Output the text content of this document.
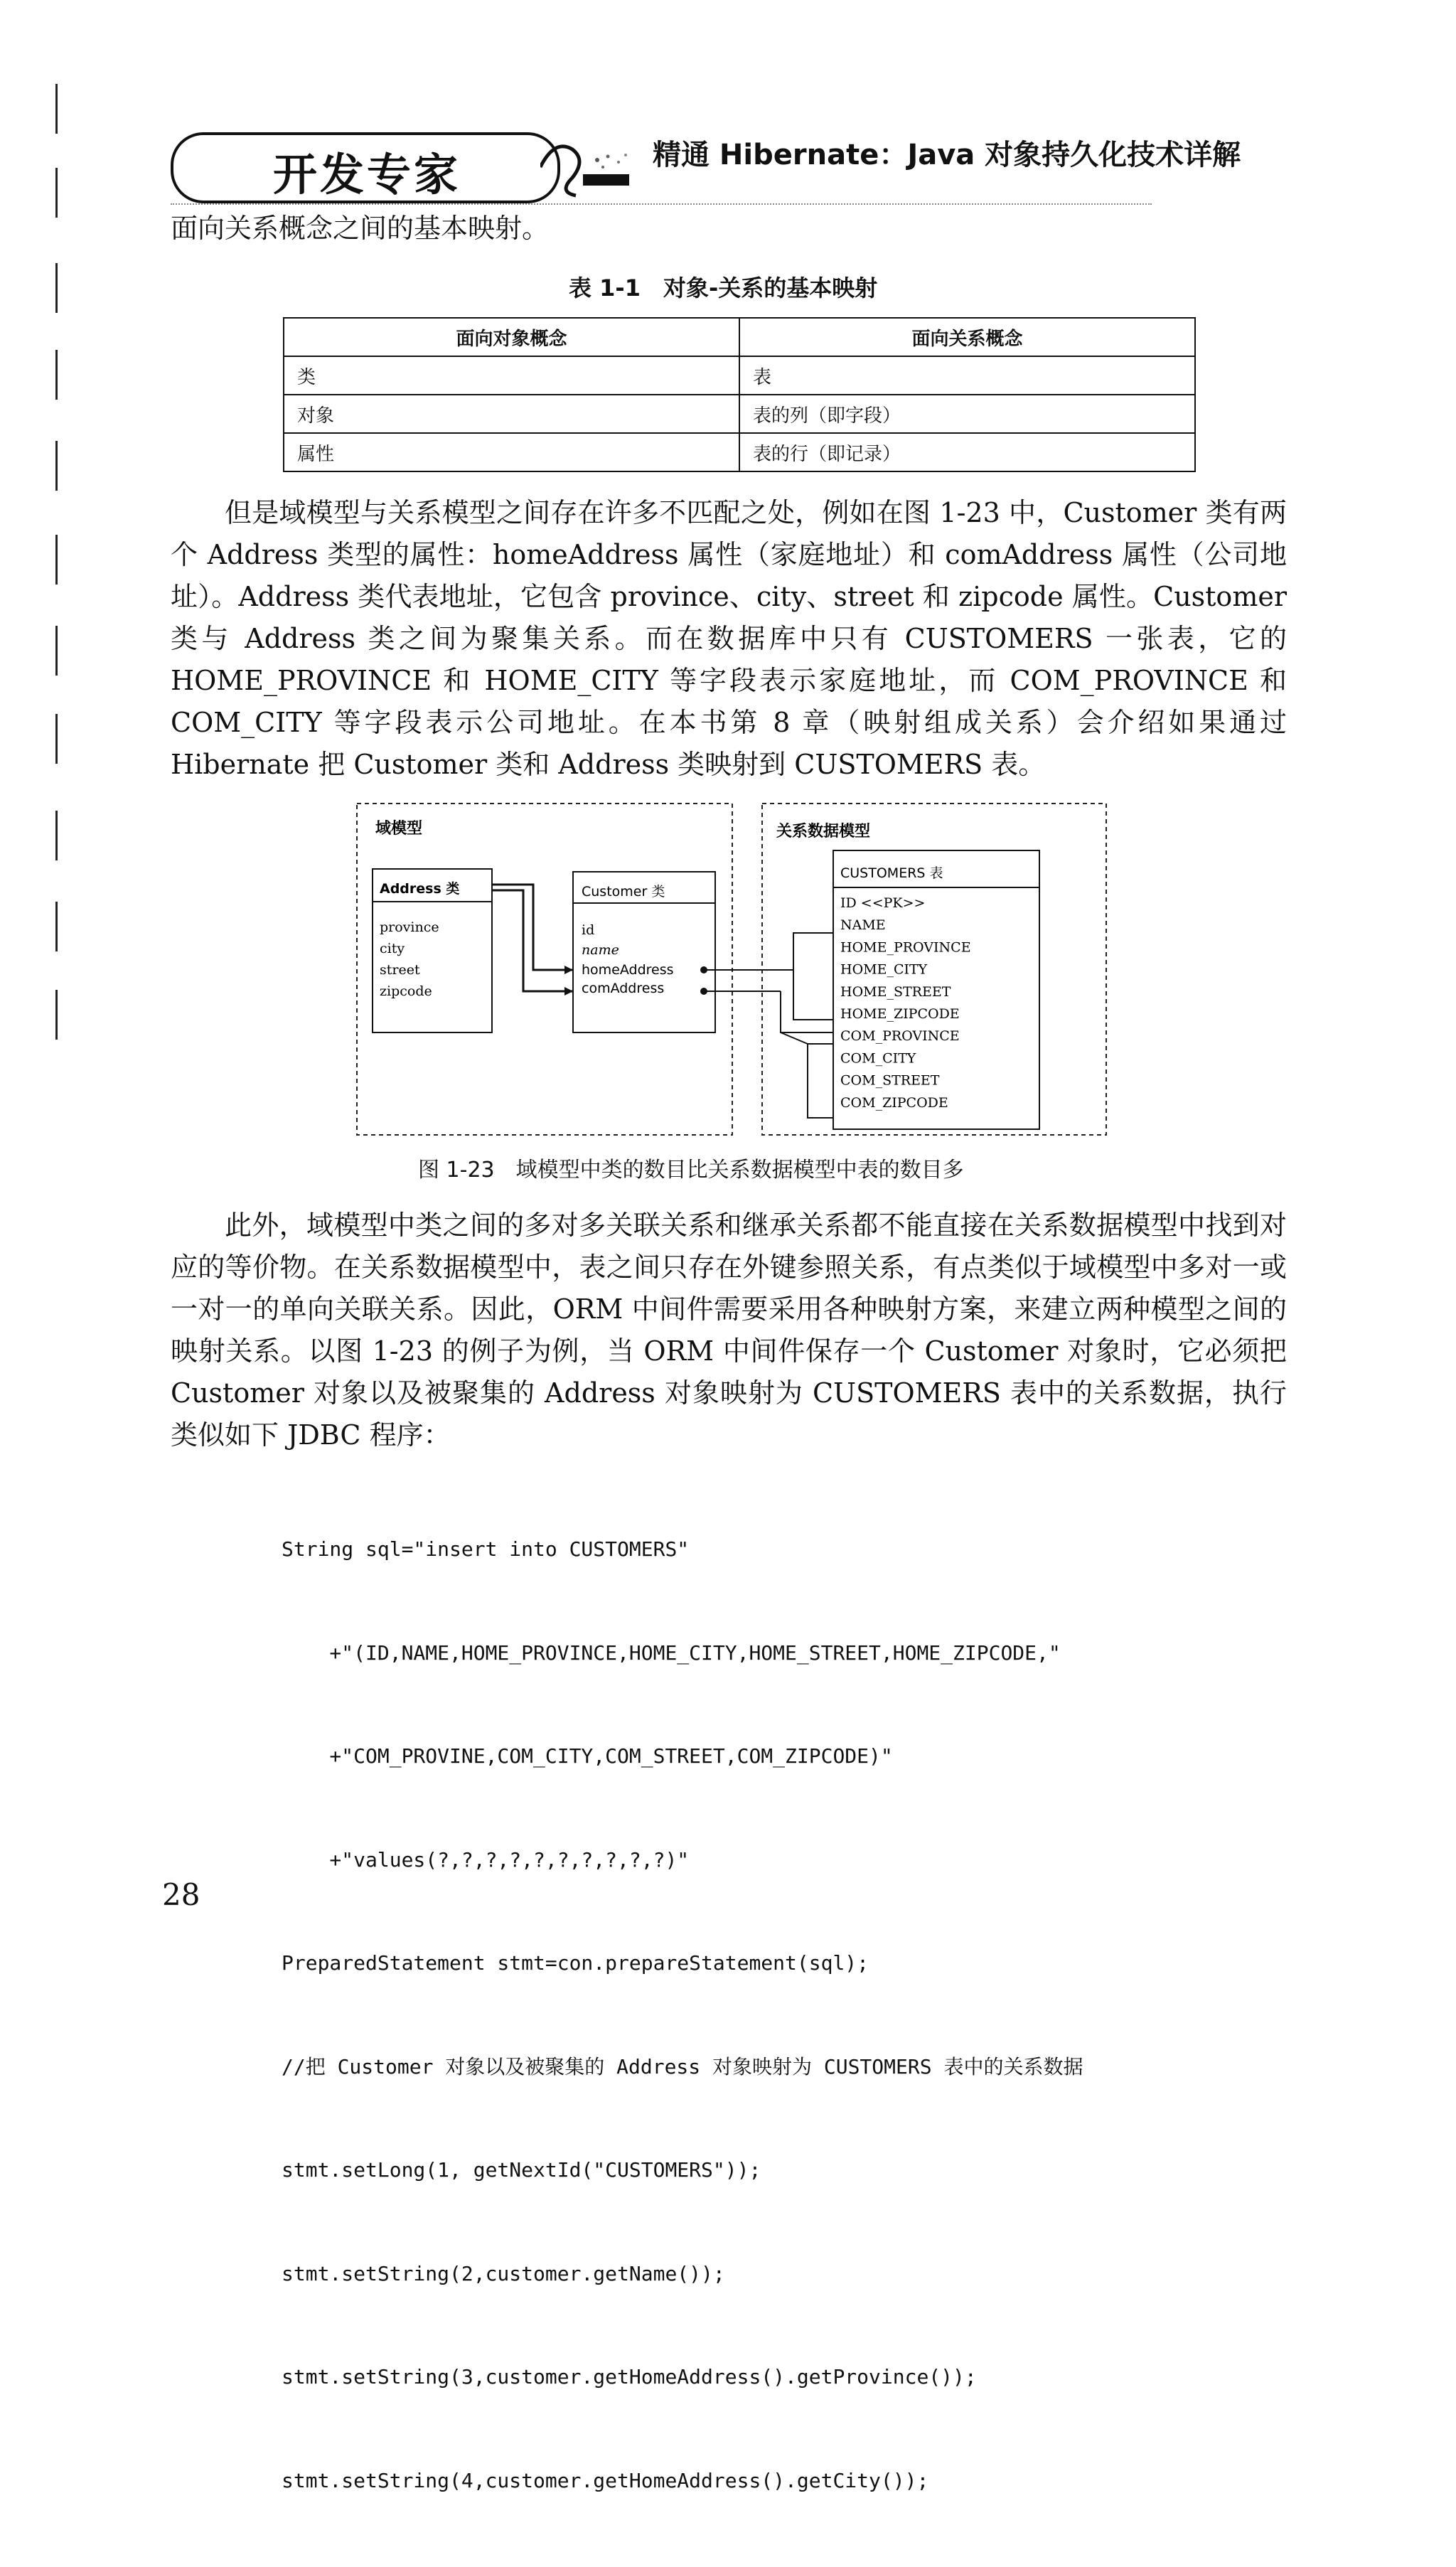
开发专家	精通 Hibernate：Java 对象持久化技术详解
面向关系概念之间的基本映射。
表 1-1　对象-关系的基本映射
面向对象概念	面向关系概念
类	表
对象	表的列（即字段）
属性	表的行（即记录）

但是域模型与关系模型之间存在许多不匹配之处，例如在图 1-23 中，Customer 类有两个 Address 类型的属性：homeAddress 属性（家庭地址）和 comAddress 属性（公司地址）。Address 类代表地址，它包含 province、city、street 和 zipcode 属性。Customer 类与 Address 类之间为聚集关系。而在数据库中只有 CUSTOMERS 一张表，它的 HOME_PROVINCE 和 HOME_CITY 等字段表示家庭地址，而 COM_PROVINCE 和 COM_CITY 等字段表示公司地址。在本书第 8 章（映射组成关系）会介绍如果通过 Hibernate 把 Customer 类和 Address 类映射到 CUSTOMERS 表。

域模型	关系数据模型
Address 类
province
city
street
zipcode
Customer 类
id
name
homeAddress
comAddress
CUSTOMERS 表
ID <<PK>>
NAME
HOME_PROVINCE
HOME_CITY
HOME_STREET
HOME_ZIPCODE
COM_PROVINCE
COM_CITY
COM_STREET
COM_ZIPCODE
图 1-23　域模型中类的数目比关系数据模型中表的数目多

此外，域模型中类之间的多对多关联关系和继承关系都不能直接在关系数据模型中找到对应的等价物。在关系数据模型中，表之间只存在外键参照关系，有点类似于域模型中多对一或一对一的单向关联关系。因此，ORM 中间件需要采用各种映射方案，来建立两种模型之间的映射关系。以图 1-23 的例子为例，当 ORM 中间件保存一个 Customer 对象时，它必须把 Customer 对象以及被聚集的 Address 对象映射为 CUSTOMERS 表中的关系数据，执行类似如下 JDBC 程序：

String sql="insert into CUSTOMERS"

+"(ID,NAME,HOME_PROVINCE,HOME_CITY,HOME_STREET,HOME_ZIPCODE,"

+"COM_PROVINE,COM_CITY,COM_STREET,COM_ZIPCODE)"

+"values(?,?,?,?,?,?,?,?,?,?)"

PreparedStatement stmt=con.prepareStatement(sql);

//把 Customer 对象以及被聚集的 Address 对象映射为 CUSTOMERS 表中的关系数据

stmt.setLong(1, getNextId("CUSTOMERS"));

stmt.setString(2,customer.getName());

stmt.setString(3,customer.getHomeAddress().getProvince());

stmt.setString(4,customer.getHomeAddress().getCity());

28
